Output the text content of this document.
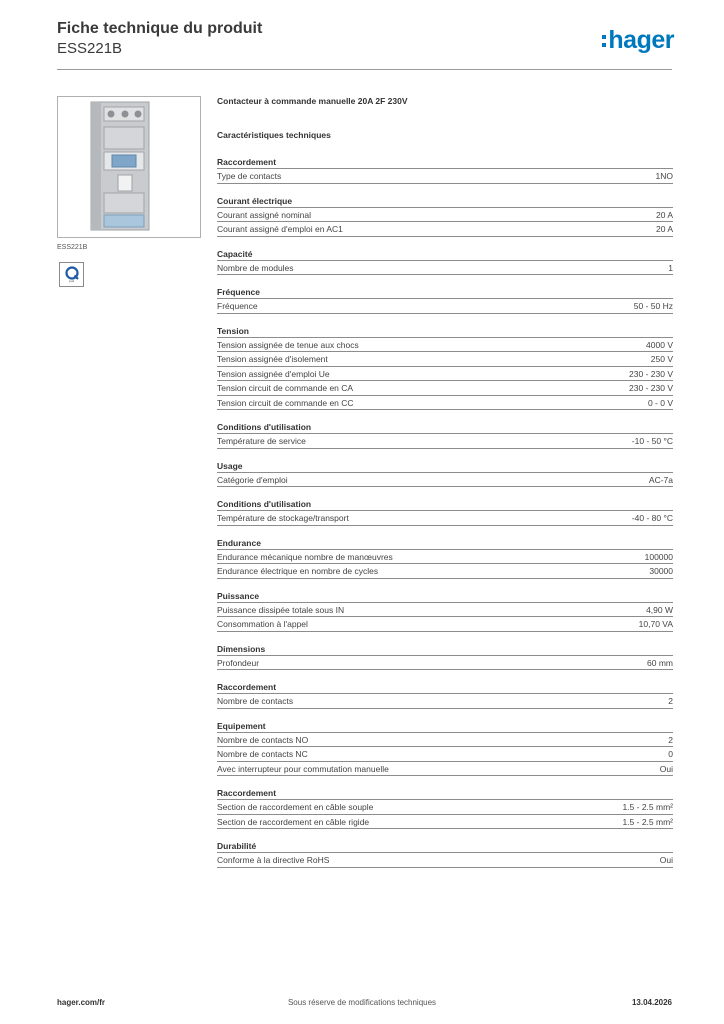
Fiche technique du produit
ESS221B	hager
ESS221B
quali
Contacteur à commande manuelle 20A 2F 230V
Caractéristiques techniques
Raccordement
Type de contacts	1NO
Courant électrique
Courant assigné nominal	20 A
Courant assigné d'emploi en AC1	20 A
Capacité
Nombre de modules	1
Fréquence
Fréquence	50 - 50 Hz
Tension
Tension assignée de tenue aux chocs	4000 V
Tension assignée d'isolement	250 V
Tension assignée d'emploi Ue	230 - 230 V
Tension circuit de commande en CA	230 - 230 V
Tension circuit de commande en CC	0 - 0 V
Conditions d'utilisation
Température de service	-10 - 50 °C
Usage
Catégorie d'emploi	AC-7a
Conditions d'utilisation
Température de stockage/transport	-40 - 80 °C
Endurance
Endurance mécanique nombre de manœuvres	100000
Endurance électrique en nombre de cycles	30000
Puissance
Puissance dissipée totale sous IN	4,90 W
Consommation à l'appel	10,70 VA
Dimensions
Profondeur	60 mm
Raccordement
Nombre de contacts	2
Equipement
Nombre de contacts NO	2
Nombre de contacts NC	0
Avec interrupteur pour commutation manuelle	Oui
Raccordement
Section de raccordement en câble souple	1.5 - 2.5 mm²
Section de raccordement en câble rigide	1.5 - 2.5 mm²
Durabilité
Conforme à la directive RoHS	Oui
hager.com/fr	Sous réserve de modifications techniques	13.04.2026
